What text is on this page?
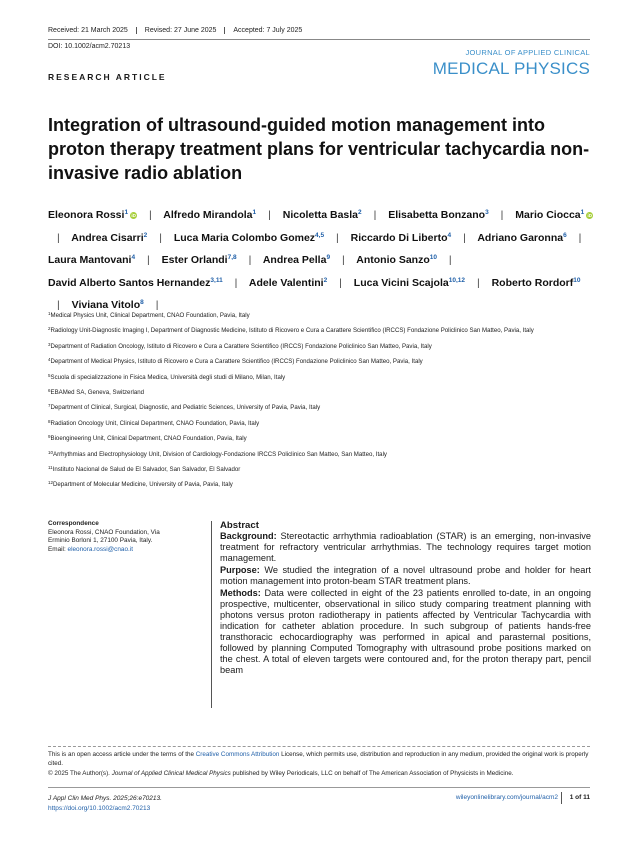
Received: 21 March 2025	Revised: 27 June 2025	Accepted: 7 July 2025
DOI: 10.1002/acm2.70213
JOURNAL OF APPLIED CLINICAL
MEDICAL PHYSICS
RESEARCH ARTICLE
Integration of ultrasound-guided motion management into proton therapy treatment plans for ventricular tachycardia non-invasive radio ablation
Eleonora Rossi$^1$ iD | Alfredo Mirandola$^1$ | Nicoletta Basla$^2$ | Elisabetta Bonzano$^3$ | Mario Ciocca$^1$ iD | Andrea Cisarri$^2$ | Luca Maria Colombo Gomez$^{4,5}$ | Riccardo Di Liberto$^4$ | Adriano Garonna$^6$ | Laura Mantovani$^4$ | Ester Orlandi$^{7,8}$ | Andrea Pella$^9$ | Antonio Sanzo$^{10}$ | David Alberto Santos Hernandez$^{3,11}$ | Adele Valentini$^2$ | Luca Vicini Scajola$^{10,12}$ | Roberto Rordorf$^{10}$ | Viviana Vitolo$^8$ |
$^1$Medical Physics Unit, Clinical Department, CNAO Foundation, Pavia, Italy
$^2$Radiology Unit-Diagnostic Imaging I, Department of Diagnostic Medicine, Istituto di Ricovero e Cura a Carattere Scientifico (IRCCS) Fondazione Policlinico San Matteo, Pavia, Italy
$^3$Department of Radiation Oncology, Istituto di Ricovero e Cura a Carattere Scientifico (IRCCS) Fondazione Policlinico San Matteo, Pavia, Italy
$^4$Department of Medical Physics, Istituto di Ricovero e Cura a Carattere Scientifico (IRCCS) Fondazione Policlinico San Matteo, Pavia, Italy
$^5$Scuola di specializzazione in Fisica Medica, Università degli studi di Milano, Milan, Italy
$^6$EBAMed SA, Geneva, Switzerland
$^7$Department of Clinical, Surgical, Diagnostic, and Pediatric Sciences, University of Pavia, Pavia, Italy
$^8$Radiation Oncology Unit, Clinical Department, CNAO Foundation, Pavia, Italy
$^9$Bioengineering Unit, Clinical Department, CNAO Foundation, Pavia, Italy
$^{10}$Arrhythmias and Electrophysiology Unit, Division of Cardiology-Fondazione IRCCS Policlinico San Matteo, San Matteo, Italy
$^{11}$Instituto Nacional de Salud de El Salvador, San Salvador, El Salvador
$^{12}$Department of Molecular Medicine, University of Pavia, Pavia, Italy
Correspondence
Eleonora Rossi, CNAO Foundation, Via
Erminio Borloni 1, 27100 Pavia, Italy.
Email: eleonora.rossi@cnao.it
Abstract

Background: Stereotactic arrhythmia radioablation (STAR) is an emerging, non-invasive treatment for refractory ventricular arrhythmias. The technology requires target motion management.

Purpose: We studied the integration of a novel ultrasound probe and holder for heart motion management into proton-beam STAR treatment plans.

Methods: Data were collected in eight of the 23 patients enrolled to-date, in an ongoing prospective, multicenter, observational in silico study comparing treatment planning with photons versus proton radiotherapy in patients affected by Ventricular Tachycardia with indication for catheter ablation procedure. In such subgroup of patients hands-free transthoracic echocardiography was performed in apical and parasternal positions, followed by planning Computed Tomography with ultrasound probe positions marked on the chest. A total of eleven targets were contoured and, for the proton therapy part, pencil beam

This is an open access article under the terms of the Creative Commons Attribution License, which permits use, distribution and reproduction in any medium, provided the original work is properly cited.
© 2025 The Author(s). Journal of Applied Clinical Medical Physics published by Wiley Periodicals, LLC on behalf of The American Association of Physicists in Medicine.
J Appl Clin Med Phys. 2025;26:e70213.
https://doi.org/10.1002/acm2.70213
wileyonlinelibrary.com/journal/acm2 1 of 11
